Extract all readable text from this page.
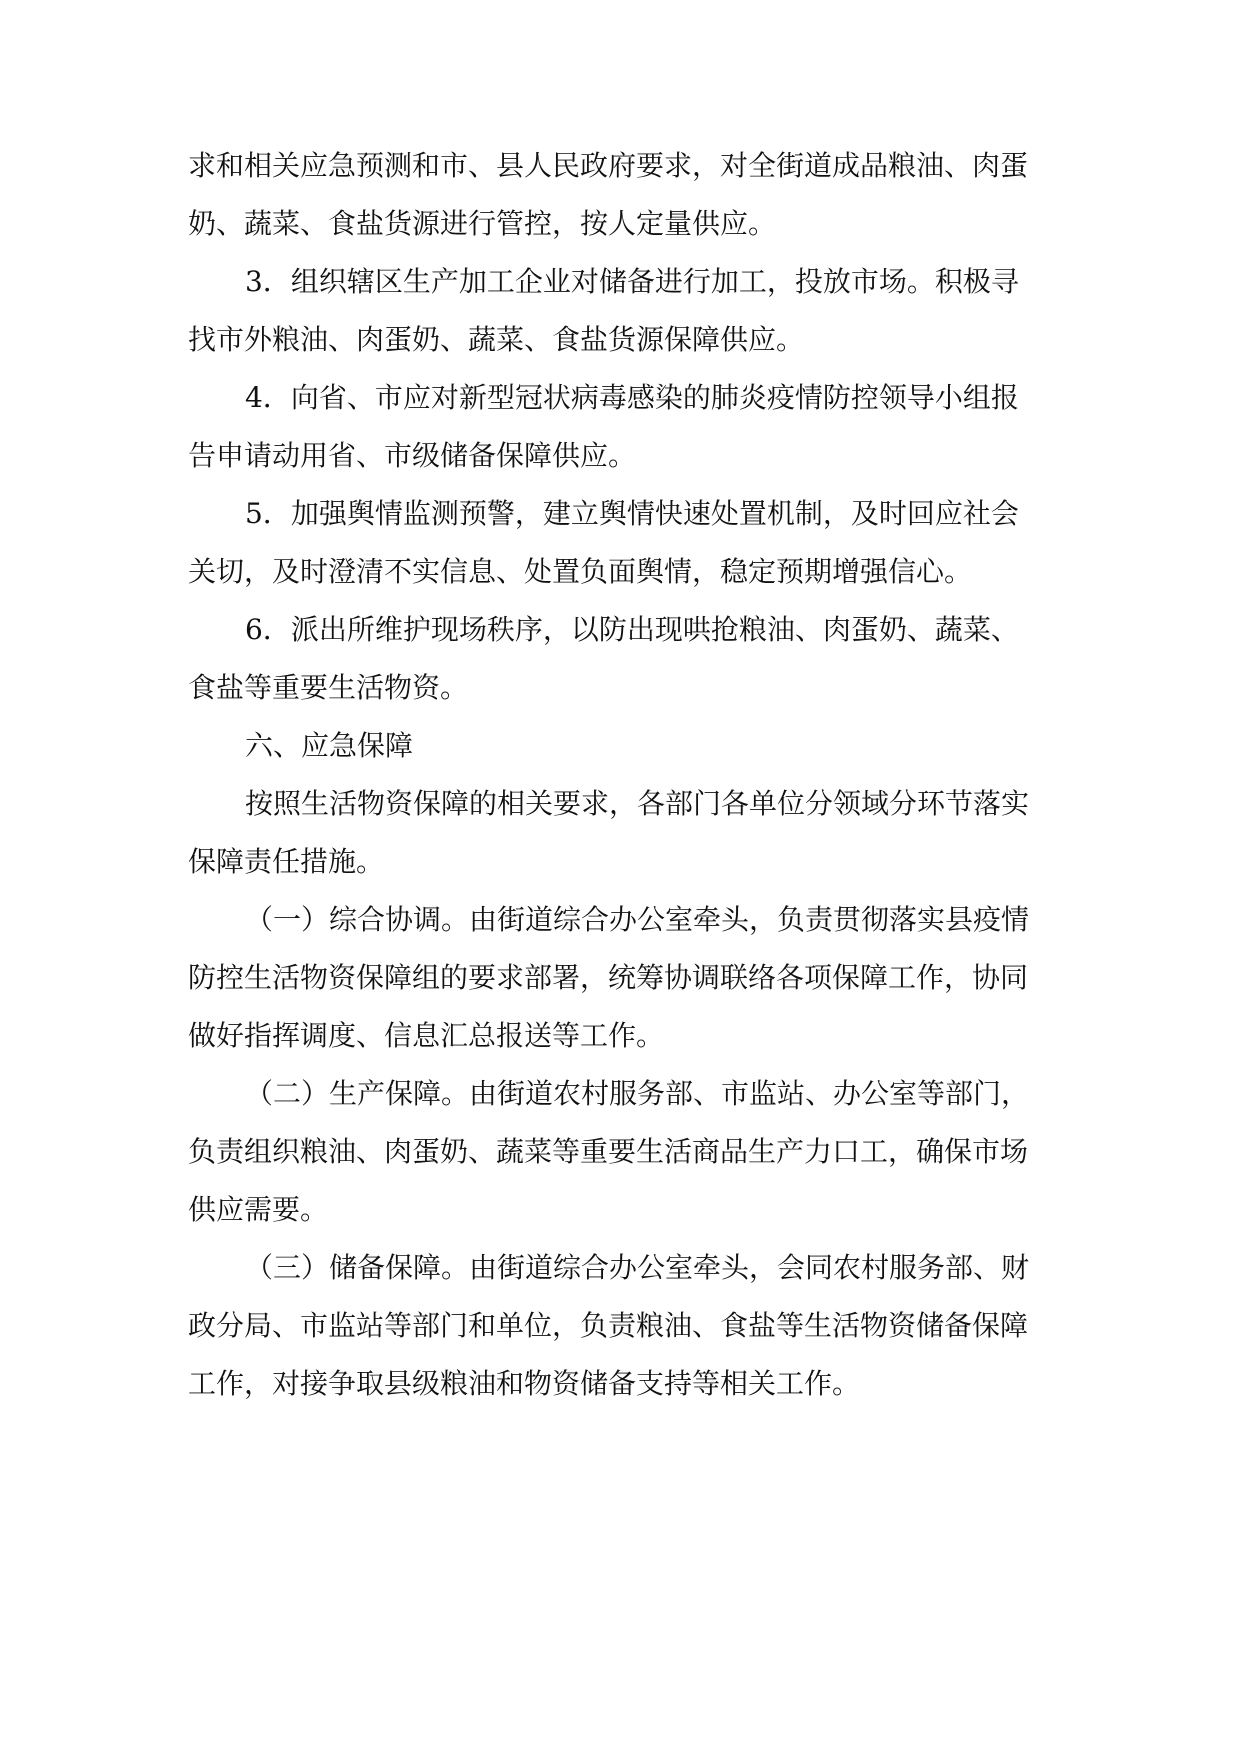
求和相关应急预测和市、县人民政府要求，对全街道成品粮油、肉蛋
奶、蔬菜、食盐货源进行管控，按人定量供应。
3．组织辖区生产加工企业对储备进行加工，投放市场。积极寻
找市外粮油、肉蛋奶、蔬菜、食盐货源保障供应。
4．向省、市应对新型冠状病毒感染的肺炎疫情防控领导小组报
告申请动用省、市级储备保障供应。
5．加强舆情监测预警，建立舆情快速处置机制，及时回应社会
关切，及时澄清不实信息、处置负面舆情，稳定预期增强信心。
6．派出所维护现场秩序，以防出现哄抢粮油、肉蛋奶、蔬菜、
食盐等重要生活物资。
六、应急保障
按照生活物资保障的相关要求，各部门各单位分领域分环节落实
保障责任措施。
（一）综合协调。由街道综合办公室牵头，负责贯彻落实县疫情
防控生活物资保障组的要求部署，统筹协调联络各项保障工作，协同
做好指挥调度、信息汇总报送等工作。
（二）生产保障。由街道农村服务部、市监站、办公室等部门，
负责组织粮油、肉蛋奶、蔬菜等重要生活商品生产力口工，确保市场
供应需要。
（三）储备保障。由街道综合办公室牵头，会同农村服务部、财
政分局、市监站等部门和单位，负责粮油、食盐等生活物资储备保障
工作，对接争取县级粮油和物资储备支持等相关工作。
